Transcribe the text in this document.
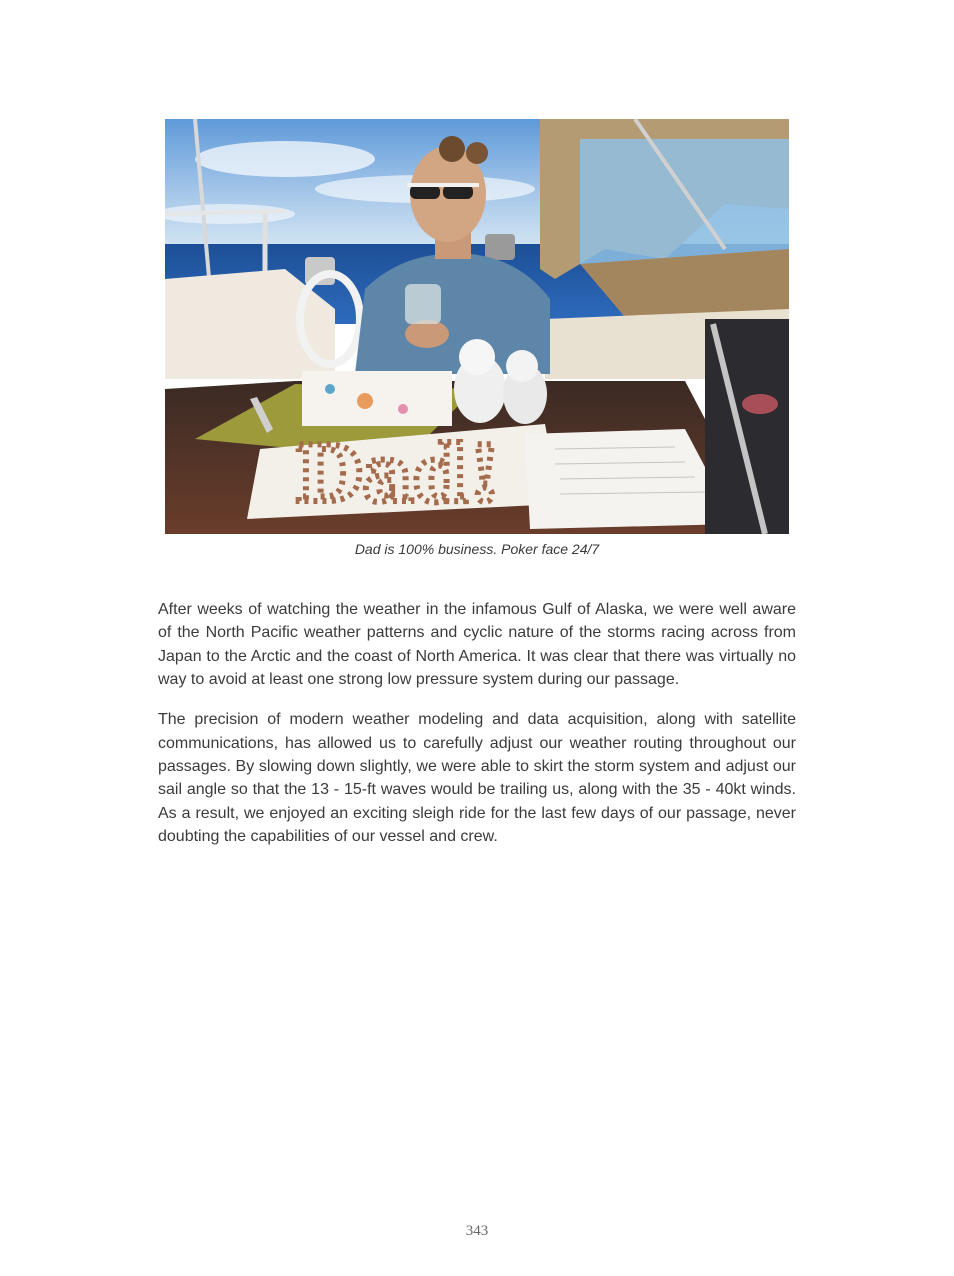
Dad!
Dad is 100% business. Poker face 24/7

After weeks of watching the weather in the infamous Gulf of Alaska, we were well aware of the North Pacific weather patterns and cyclic nature of the storms racing across from Japan to the Arctic and the coast of North America. It was clear that there was virtually no way to avoid at least one strong low pressure system during our passage.

The precision of modern weather modeling and data acquisition, along with satellite communications, has allowed us to carefully adjust our weather routing throughout our passages. By slowing down slightly, we were able to skirt the storm system and adjust our sail angle so that the 13 - 15-ft waves would be trailing us, along with the 35 - 40kt winds. As a result, we enjoyed an exciting sleigh ride for the last few days of our passage, never doubting the capabilities of our vessel and crew.

343
